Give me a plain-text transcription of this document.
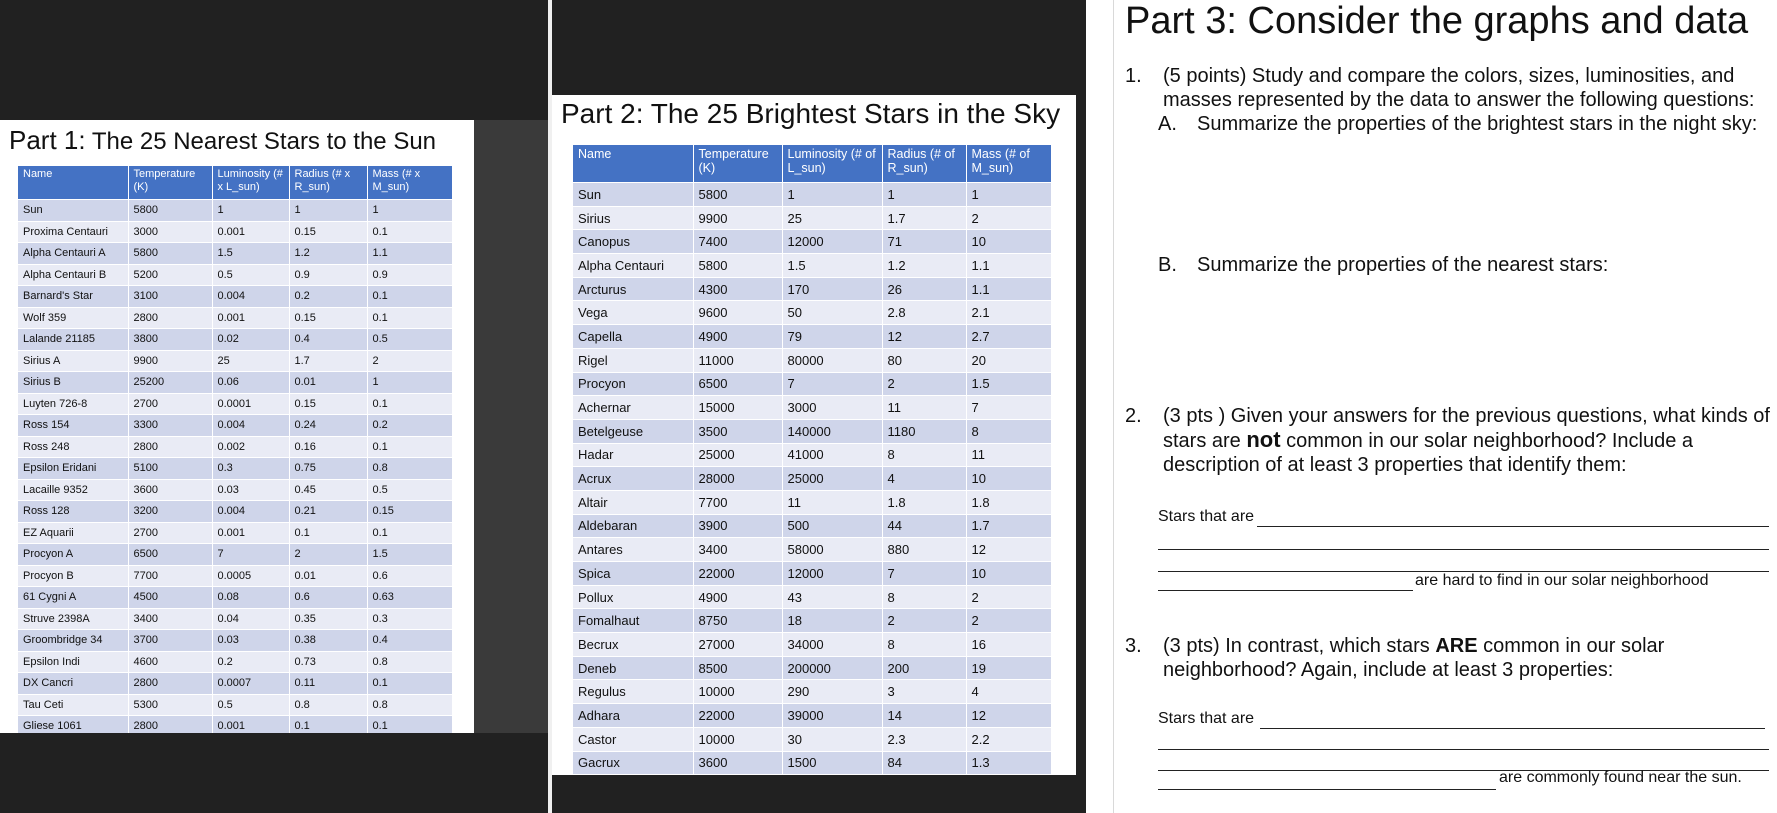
Part 1: The 25 Nearest Stars to the Sun
Name	Temperature (K)	Luminosity (# x L_sun)	Radius (# x R_sun)	Mass (# x M_sun)
Sun	5800	1	1	1
Proxima Centauri	3000	0.001	0.15	0.1
Alpha Centauri A	5800	1.5	1.2	1.1
Alpha Centauri B	5200	0.5	0.9	0.9
Barnard's Star	3100	0.004	0.2	0.1
Wolf 359	2800	0.001	0.15	0.1
Lalande 21185	3800	0.02	0.4	0.5
Sirius A	9900	25	1.7	2
Sirius B	25200	0.06	0.01	1
Luyten 726-8	2700	0.0001	0.15	0.1
Ross 154	3300	0.004	0.24	0.2
Ross 248	2800	0.002	0.16	0.1
Epsilon Eridani	5100	0.3	0.75	0.8
Lacaille 9352	3600	0.03	0.45	0.5
Ross 128	3200	0.004	0.21	0.15
EZ Aquarii	2700	0.001	0.1	0.1
Procyon A	6500	7	2	1.5
Procyon B	7700	0.0005	0.01	0.6
61 Cygni A	4500	0.08	0.6	0.63
Struve 2398A	3400	0.04	0.35	0.3
Groombridge 34	3700	0.03	0.38	0.4
Epsilon Indi	4600	0.2	0.73	0.8
DX Cancri	2800	0.0007	0.11	0.1
Tau Ceti	5300	0.5	0.8	0.8
Gliese 1061	2800	0.001	0.1	0.1
Part 2: The 25 Brightest Stars in the Sky
Name	Temperature (K)	Luminosity (# of L_sun)	Radius (# of R_sun)	Mass (# of M_sun)
Sun	5800	1	1	1
Sirius	9900	25	1.7	2
Canopus	7400	12000	71	10
Alpha Centauri	5800	1.5	1.2	1.1
Arcturus	4300	170	26	1.1
Vega	9600	50	2.8	2.1
Capella	4900	79	12	2.7
Rigel	11000	80000	80	20
Procyon	6500	7	2	1.5
Achernar	15000	3000	11	7
Betelgeuse	3500	140000	1180	8
Hadar	25000	41000	8	11
Acrux	28000	25000	4	10
Altair	7700	11	1.8	1.8
Aldebaran	3900	500	44	1.7
Antares	3400	58000	880	12
Spica	22000	12000	7	10
Pollux	4900	43	8	2
Fomalhaut	8750	18	2	2
Becrux	27000	34000	8	16
Deneb	8500	200000	200	19
Regulus	10000	290	3	4
Adhara	22000	39000	14	12
Castor	10000	30	2.3	2.2
Gacrux	3600	1500	84	1.3
Part 3: Consider the graphs and data
1. (5 points) Study and compare the colors, sizes, luminosities, and masses represented by the data to answer the following questions:
A. Summarize the properties of the brightest stars in the night sky:
B. Summarize the properties of the nearest stars:
2. (3 pts ) Given your answers for the previous questions, what kinds of stars are not common in our solar neighborhood? Include a description of at least 3 properties that identify them:
Stars that are
are hard to find in our solar neighborhood
3. (3 pts) In contrast, which stars ARE common in our solar neighborhood? Again, include at least 3 properties:
Stars that are
are commonly found near the sun.
